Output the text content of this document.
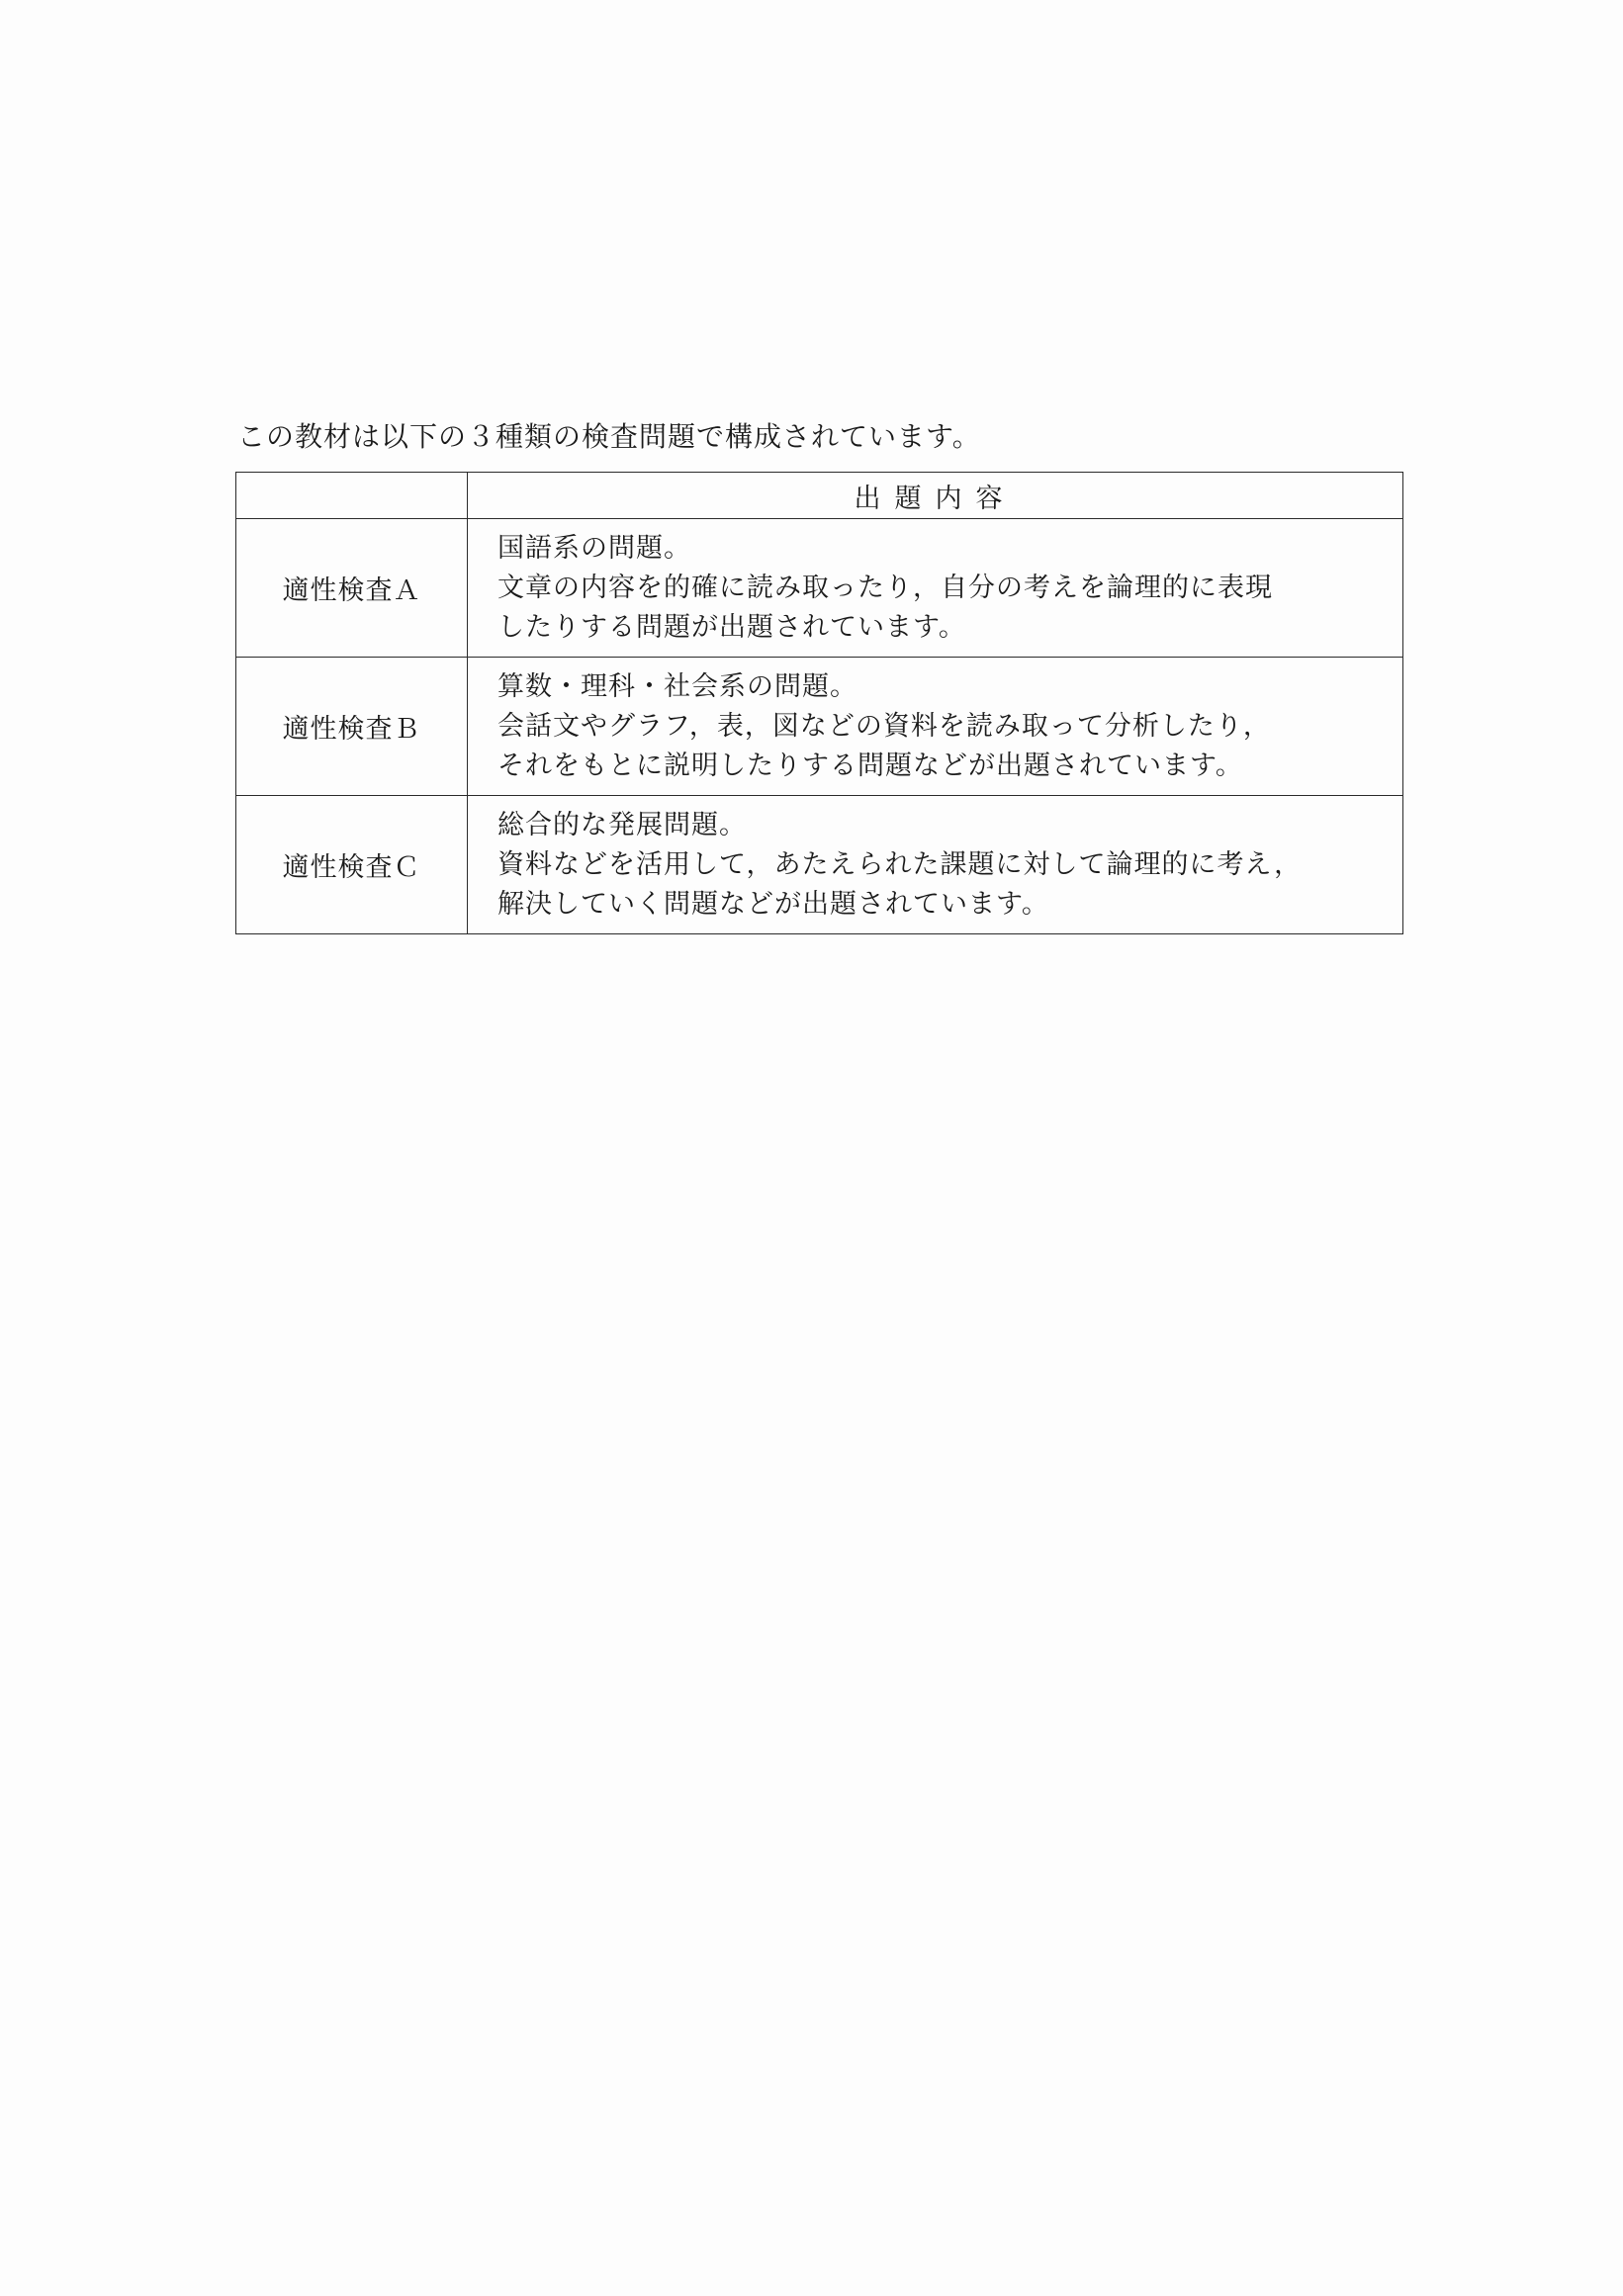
この教材は以下の３種類の検査問題で構成されています。
	出題内容
適性検査Ａ	国語系の問題。
文章の内容を的確に読み取ったり，自分の考えを論理的に表現
したりする問題が出題されています。

適性検査Ｂ	算数・理科・社会系の問題。
会話文やグラフ，表，図などの資料を読み取って分析したり，
それをもとに説明したりする問題などが出題されています。

適性検査Ｃ	総合的な発展問題。
資料などを活用して，あたえられた課題に対して論理的に考え，
解決していく問題などが出題されています。
